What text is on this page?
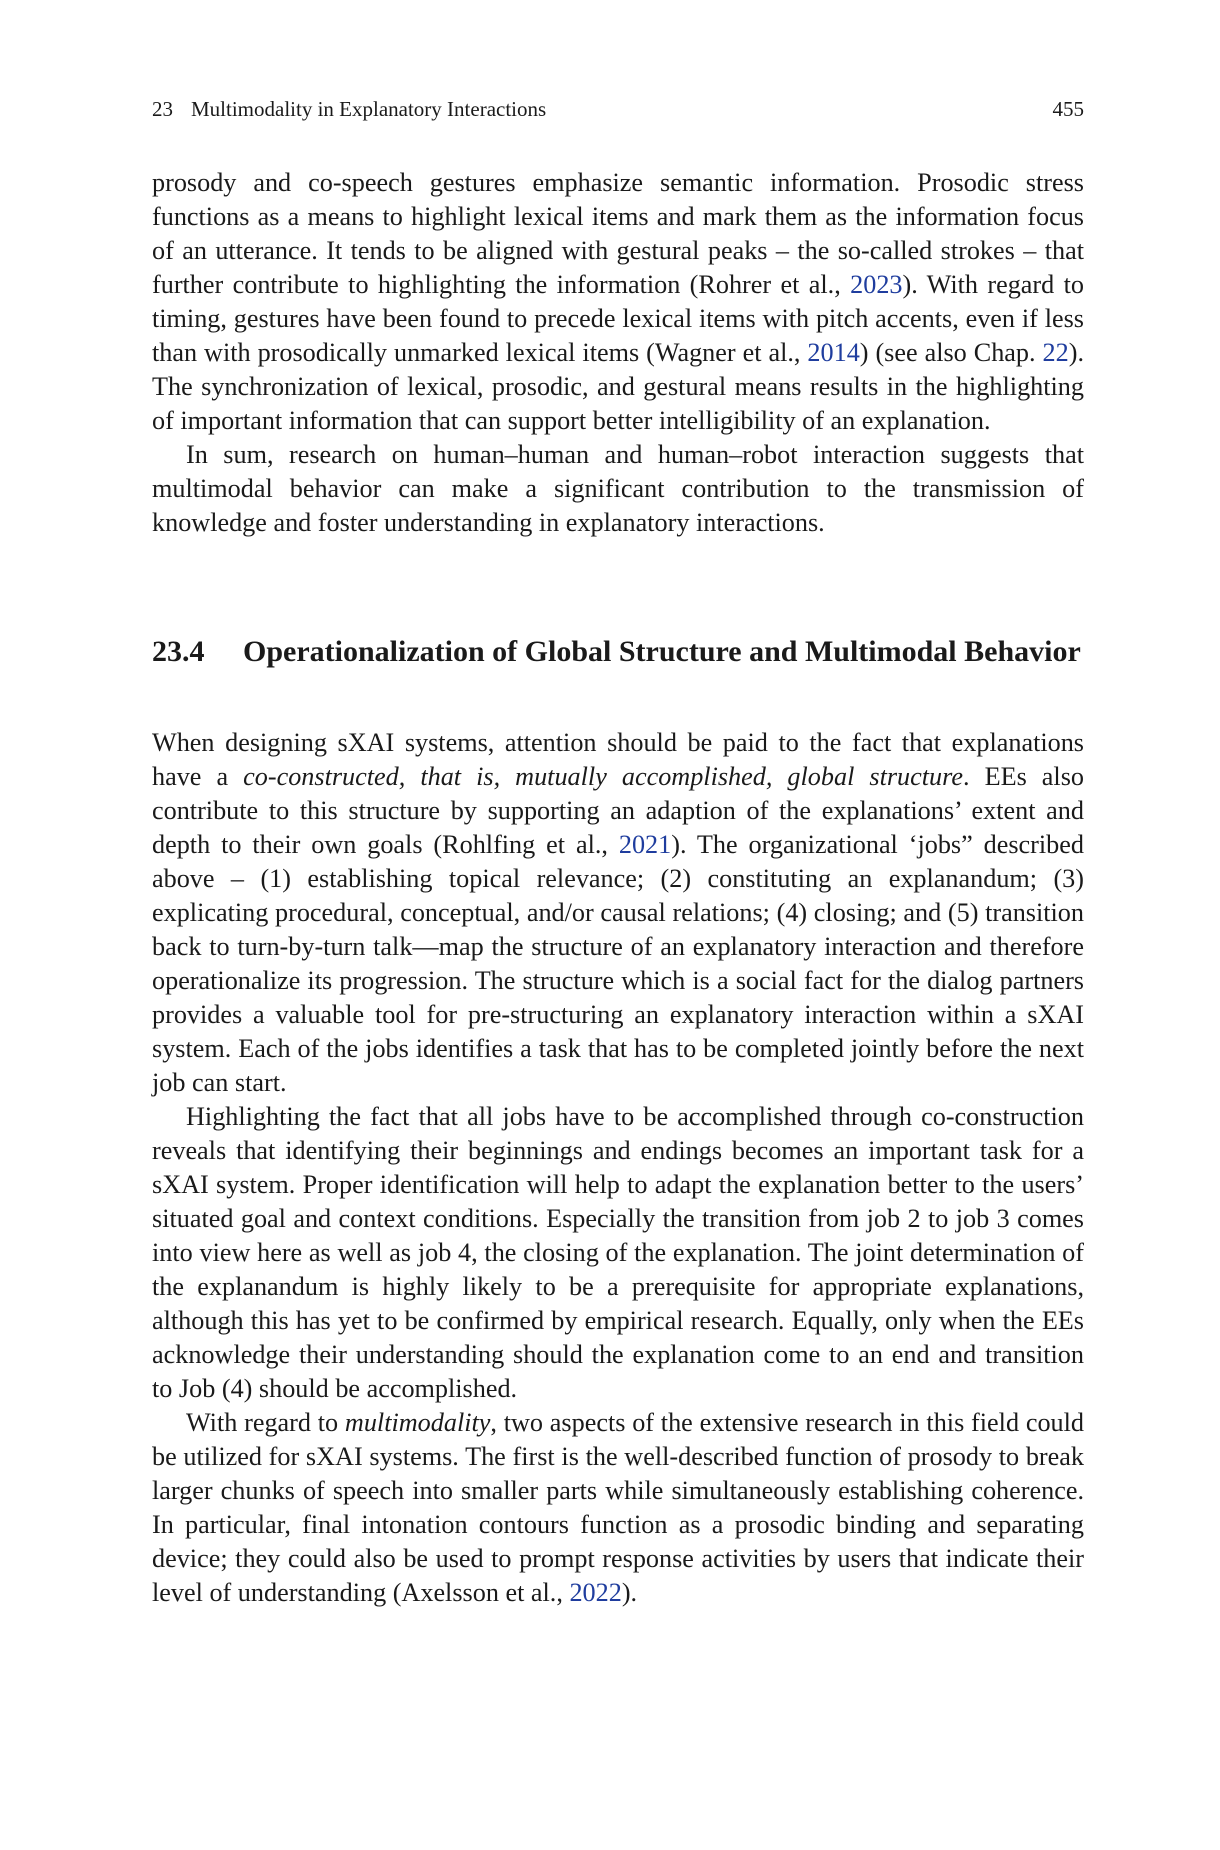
23 Multimodality in Explanatory Interactions	455

prosody and co-speech gestures emphasize semantic information. Prosodic stress functions as a means to highlight lexical items and mark them as the information focus of an utterance. It tends to be aligned with gestural peaks – the so-called strokes – that further contribute to highlighting the information (Rohrer et al., 2023). With regard to timing, gestures have been found to precede lexical items with pitch accents, even if less than with prosodically unmarked lexical items (Wagner et al., 2014) (see also Chap. 22). The synchronization of lexical, prosodic, and gestural means results in the highlighting of important information that can support better intelligibility of an explanation.

In sum, research on human–human and human–robot interaction suggests that multimodal behavior can make a significant contribution to the transmission of knowledge and foster understanding in explanatory interactions.

23.4	Operationalization of Global Structure and Multimodal Behavior

When designing sXAI systems, attention should be paid to the fact that explanations have a co-constructed, that is, mutually accomplished, global structure. EEs also contribute to this structure by supporting an adaption of the explanations’ extent and depth to their own goals (Rohlfing et al., 2021). The organizational ‘jobs” described above – (1) establishing topical relevance; (2) constituting an explanandum; (3) explicating procedural, conceptual, and/or causal relations; (4) closing; and (5) transition back to turn-by-turn talk—map the structure of an explanatory interaction and therefore operationalize its progression. The structure which is a social fact for the dialog partners provides a valuable tool for pre-structuring an explanatory interaction within a sXAI system. Each of the jobs identifies a task that has to be completed jointly before the next job can start.

Highlighting the fact that all jobs have to be accomplished through co-construction reveals that identifying their beginnings and endings becomes an important task for a sXAI system. Proper identification will help to adapt the explanation better to the users’ situated goal and context conditions. Especially the transition from job 2 to job 3 comes into view here as well as job 4, the closing of the explanation. The joint determination of the explanandum is highly likely to be a prerequisite for appropriate explanations, although this has yet to be confirmed by empirical research. Equally, only when the EEs acknowledge their understanding should the explanation come to an end and transition to Job (4) should be accomplished.

With regard to multimodality, two aspects of the extensive research in this field could be utilized for sXAI systems. The first is the well-described function of prosody to break larger chunks of speech into smaller parts while simultaneously establishing coherence. In particular, final intonation contours function as a prosodic binding and separating device; they could also be used to prompt response activities by users that indicate their level of understanding (Axelsson et al., 2022).
